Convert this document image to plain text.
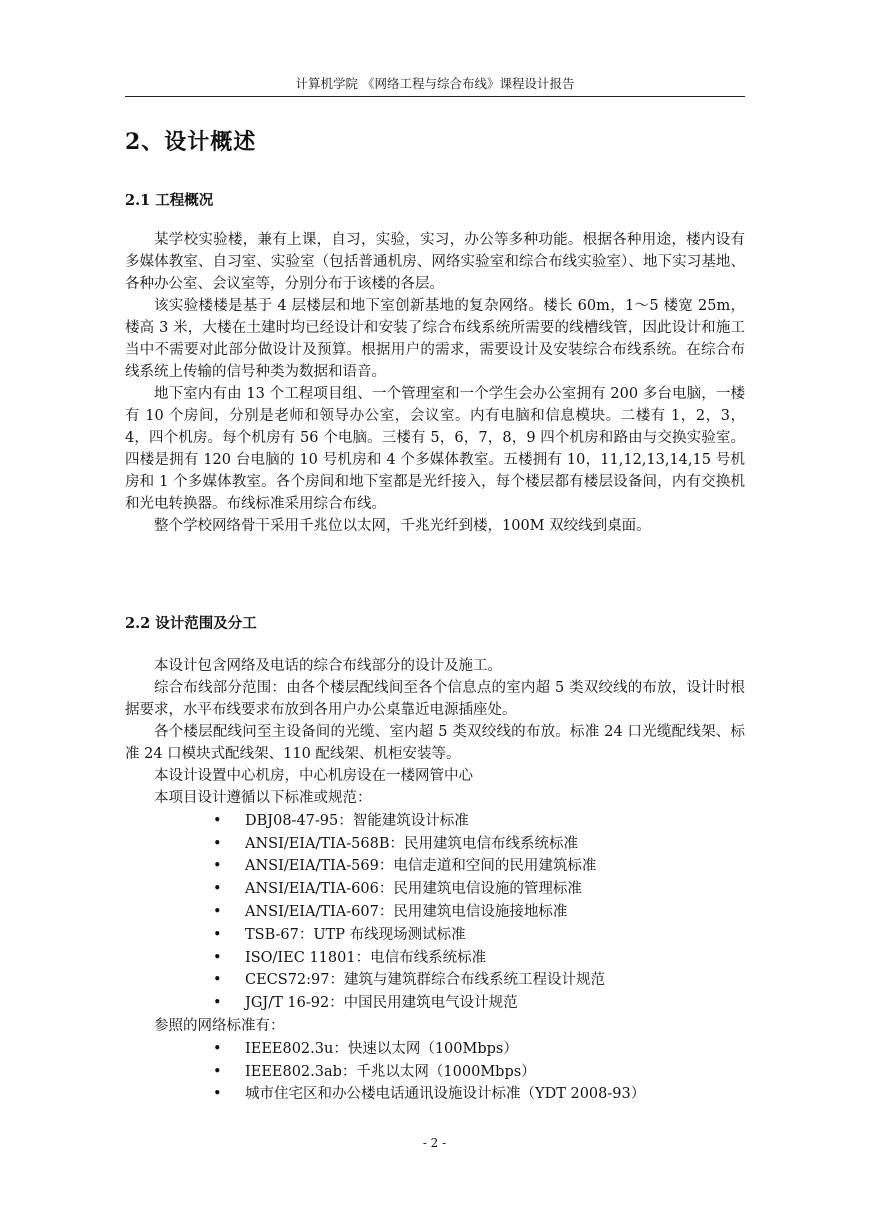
计算机学院 《网络工程与综合布线》课程设计报告
2、设计概述
2.1 工程概况

某学校实验楼，兼有上课，自习，实验，实习，办公等多种功能。根据各种用途，楼内设有多媒体教室、自习室、实验室（包括普通机房、网络实验室和综合布线实验室）、地下实习基地、各种办公室、会议室等，分别分布于该楼的各层。

该实验楼楼是基于 4 层楼层和地下室创新基地的复杂网络。楼长 60m，1～5 楼宽 25m，楼高 3 米，大楼在土建时均已经设计和安装了综合布线系统所需要的线槽线管，因此设计和施工当中不需要对此部分做设计及预算。根据用户的需求，需要设计及安装综合布线系统。在综合布线系统上传输的信号种类为数据和语音。

地下室内有由 13 个工程项目组、一个管理室和一个学生会办公室拥有 200 多台电脑，一楼有 10 个房间，分别是老师和领导办公室，会议室。内有电脑和信息模块。二楼有 1，2，3，4，四个机房。每个机房有 56 个电脑。三楼有 5，6，7，8，9 四个机房和路由与交换实验室。四楼是拥有 120 台电脑的 10 号机房和 4 个多媒体教室。五楼拥有 10，11,12,13,14,15 号机房和 1 个多媒体教室。各个房间和地下室都是光纤接入，每个楼层都有楼层设备间，内有交换机和光电转换器。布线标准采用综合布线。

整个学校网络骨干采用千兆位以太网，千兆光纤到楼，100M 双绞线到桌面。

2.2 设计范围及分工

本设计包含网络及电话的综合布线部分的设计及施工。

综合布线部分范围：由各个楼层配线间至各个信息点的室内超 5 类双绞线的布放，设计时根据要求，水平布线要求布放到各用户办公桌靠近电源插座处。

各个楼层配线问至主设备间的光缆、室内超 5 类双绞线的布放。标准 24 口光缆配线架、标准 24 口模块式配线架、110 配线架、机柜安装等。

本设计设置中心机房，中心机房设在一楼网管中心

本项目设计遵循以下标准或规范：

• DBJ08-47-95：智能建筑设计标准
• ANSI/EIA/TIA-568B：民用建筑电信布线系统标准
• ANSI/EIA/TIA-569：电信走道和空间的民用建筑标准
• ANSI/EIA/TIA-606：民用建筑电信设施的管理标准
• ANSI/EIA/TIA-607：民用建筑电信设施接地标准
• TSB-67：UTP 布线现场测试标准
• ISO/IEC 11801：电信布线系统标准
• CECS72:97：建筑与建筑群综合布线系统工程设计规范
• JGJ/T 16-92：中国民用建筑电气设计规范

参照的网络标准有：

• IEEE802.3u：快速以太网（100Mbps）
• IEEE802.3ab：千兆以太网（1000Mbps）
• 城市住宅区和办公楼电话通讯设施设计标准（YDT 2008-93）
- 2 -
